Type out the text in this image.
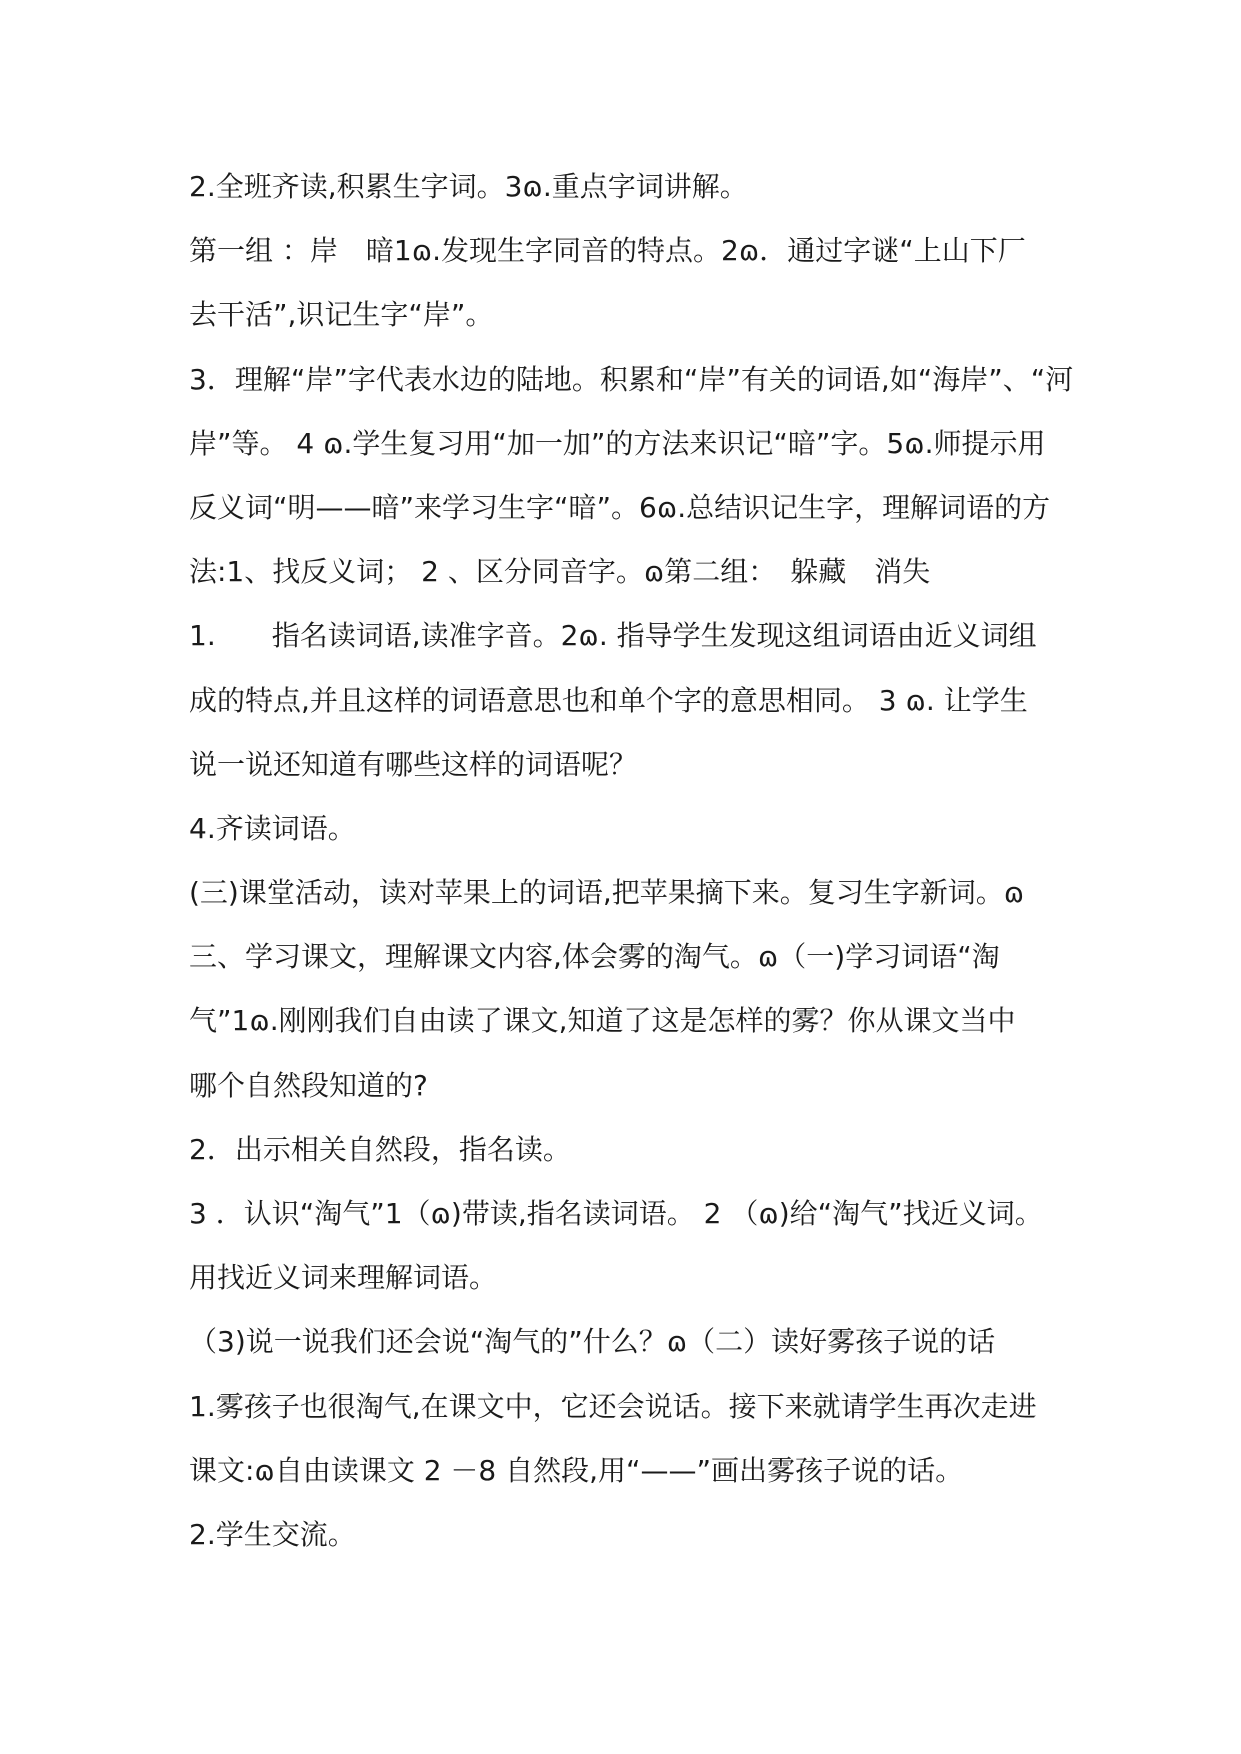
2.全班齐读,积累生字词。3ɷ.重点字词讲解。
第一组 ：岸　暗1ɷ.发现生字同音的特点。2ɷ．通过字谜“上山下厂
去干活”,识记生字“岸”。
3．理解“岸”字代表水边的陆地。积累和“岸”有关的词语,如“海岸”、“河
岸”等。 4 ɷ.学生复习用“加一加”的方法来识记“暗”字。5ɷ.师提示用
反义词“明——暗”来学习生字“暗”。6ɷ.总结识记生字，理解词语的方
法:1、找反义词； 2 、区分同音字。ɷ第二组：　躲藏　消失
1.　　指名读词语,读准字音。2ɷ. 指导学生发现这组词语由近义词组
成的特点,并且这样的词语意思也和单个字的意思相同。 3 ɷ. 让学生
说一说还知道有哪些这样的词语呢？
4.齐读词语。
(三)课堂活动，读对苹果上的词语,把苹果摘下来。复习生字新词。ɷ
三、学习课文，理解课文内容,体会雾的淘气。ɷ（一)学习词语“淘
气”1ɷ.刚刚我们自由读了课文,知道了这是怎样的雾？你从课文当中
哪个自然段知道的?
2．出示相关自然段，指名读。
3 ．认识“淘气”1（ɷ)带读,指名读词语。 2 （ɷ)给“淘气”找近义词。
用找近义词来理解词语。
（3)说一说我们还会说“淘气的”什么？ɷ（二）读好雾孩子说的话
1.雾孩子也很淘气,在课文中，它还会说话。接下来就请学生再次走进
课文:ɷ自由读课文 2 －8 自然段,用“——”画出雾孩子说的话。
2.学生交流。
